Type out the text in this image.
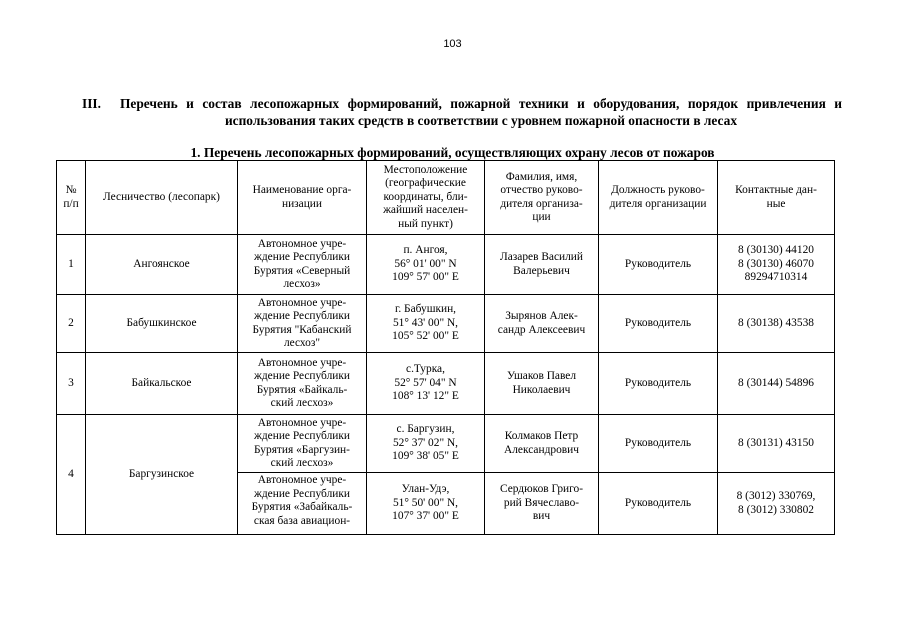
103
III. Перечень и состав лесопожарных формирований, пожарной техники и оборудования, порядок привлечения и использования таких средств в соответствии с уровнем пожарной опасности в лесах
1. Перечень лесопожарных формирований, осуществляющих охрану лесов от пожаров
№
п/п	Лесничество (лесопарк)	Наименование орга-
низации	Местоположение
(географические
координаты, бли-
жайший населен-
ный пункт)	Фамилия, имя,
отчество руково-
дителя организа-
ции	Должность руково-
дителя организации	Контактные дан-
ные
1	Ангоянское	Автономное учре-
ждение Республики
Бурятия «Северный
лесхоз»	п. Ангоя,
56° 01' 00" N
109° 57' 00" E	Лазарев Василий
Валерьевич	Руководитель	8 (30130) 44120
8 (30130) 46070
89294710314
2	Бабушкинское	Автономное учре-
ждение Республики
Бурятия "Кабанский
лесхоз"	г. Бабушкин,
51° 43' 00" N,
105° 52' 00" E	Зырянов Алек-
сандр Алексеевич	Руководитель	8 (30138) 43538
3	Байкальское	Автономное учре-
ждение Республики
Бурятия «Байкаль-
ский лесхоз»	с.Турка,
52° 57' 04" N
108° 13' 12" E	Ушаков Павел
Николаевич	Руководитель	8 (30144) 54896
4	Баргузинское	Автономное учре-
ждение Республики
Бурятия «Баргузин-
ский лесхоз»	с. Баргузин,
52° 37' 02" N,
109° 38' 05" E	Колмаков Петр
Александрович	Руководитель	8 (30131) 43150
		Автономное учре-
ждение Республики
Бурятия «Забайкаль-
ская база авиацион-	Улан-Удэ,
51° 50' 00" N,
107° 37' 00" E	Сердюков Григо-
рий Вячеславо-
вич	Руководитель	8 (3012) 330769,
8 (3012) 330802
